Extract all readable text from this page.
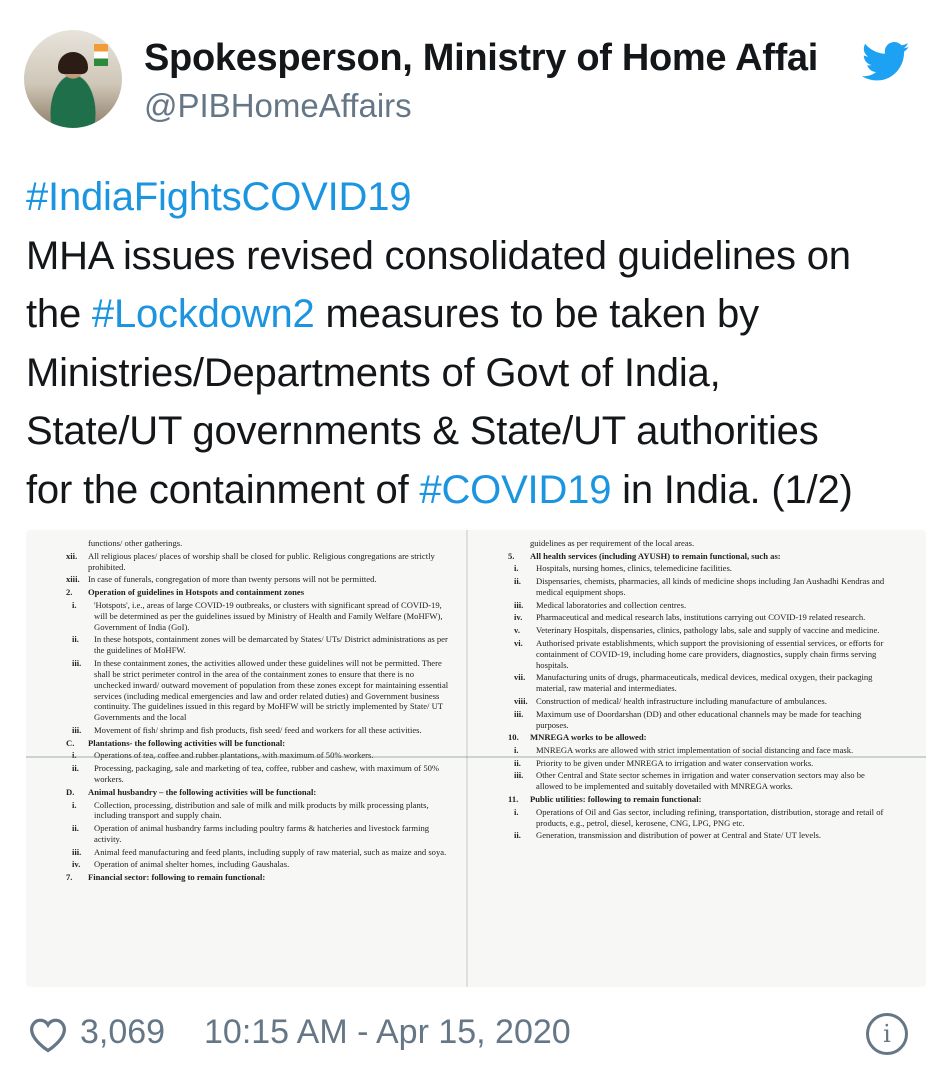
Spokesperson, Ministry of Home Affai
@PIBHomeAffairs
#IndiaFightsCOVID19
MHA issues revised consolidated guidelines on
the #Lockdown2 measures to be taken by
Ministries/Departments of Govt of India,
State/UT governments & State/UT authorities
for the containment of #COVID19 in India. (1/2)
functions/ other gatherings.
xii.	All religious places/ places of worship shall be closed for public. Religious congregations are strictly prohibited.
xiii. In case of funerals, congregation of more than twenty persons will not be permitted.
2.	Operation of guidelines in Hotspots and containment zones
i.	'Hotspots', i.e., areas of large COVID-19 outbreaks, or clusters with significant spread of COVID-19, will be determined as per the guidelines issued by Ministry of Health and Family Welfare (MoHFW), Government of India (GoI).
ii.	In these hotspots, containment zones will be demarcated by States/ UTs/ District administrations as per the guidelines of MoHFW.
iii.	In these containment zones, the activities allowed under these guidelines will not be permitted. There shall be strict perimeter control in the area of the containment zones to ensure that there is no unchecked inward/ outward movement of population from these zones except for maintaining essential services (including medical emergencies and law and order related duties) and Government business continuity. The guidelines issued in this regard by MoHFW will be strictly implemented by State/ UT Governments and the local
iii.	Movement of fish/ shrimp and fish products, fish seed/ feed and workers for all these activities.
C.	Plantations- the following activities will be functional:
i.	Operations of tea, coffee and rubber plantations, with maximum of 50% workers.
ii.	Processing, packaging, sale and marketing of tea, coffee, rubber and cashew, with maximum of 50% workers.
D.	Animal husbandry – the following activities will be functional:
i.	Collection, processing, distribution and sale of milk and milk products by milk processing plants, including transport and supply chain.
ii.	Operation of animal husbandry farms including poultry farms & hatcheries and livestock farming activity.
iii.	Animal feed manufacturing and feed plants, including supply of raw material, such as maize and soya.
iv.	Operation of animal shelter homes, including Gaushalas.
7.	Financial sector: following to remain functional:
guidelines as per requirement of the local areas.
5.	All health services (including AYUSH) to remain functional, such as:
i.	Hospitals, nursing homes, clinics, telemedicine facilities.
ii.	Dispensaries, chemists, pharmacies, all kinds of medicine shops including Jan Aushadhi Kendras and medical equipment shops.
iii.	Medical laboratories and collection centres.
iv.	Pharmaceutical and medical research labs, institutions carrying out COVID-19 related research.
v.	Veterinary Hospitals, dispensaries, clinics, pathology labs, sale and supply of vaccine and medicine.
vi.	Authorised private establishments, which support the provisioning of essential services, or efforts for containment of COVID-19, including home care providers, diagnostics, supply chain firms serving hospitals.
vii.	Manufacturing units of drugs, pharmaceuticals, medical devices, medical oxygen, their packaging material, raw material and intermediates.
viii. Construction of medical/ health infrastructure including manufacture of ambulances.
iii.	Maximum use of Doordarshan (DD) and other educational channels may be made for teaching purposes.
10.	MNREGA works to be allowed:
i.	MNREGA works are allowed with strict implementation of social distancing and face mask.
ii.	Priority to be given under MNREGA to irrigation and water conservation works.
iii.	Other Central and State sector schemes in irrigation and water conservation sectors may also be allowed to be implemented and suitably dovetailed with MNREGA works.
11.	Public utilities: following to remain functional:
i.	Operations of Oil and Gas sector, including refining, transportation, distribution, storage and retail of products, e.g., petrol, diesel, kerosene, CNG, LPG, PNG etc.
ii.	Generation, transmission and distribution of power at Central and State/ UT levels.
3,069 10:15 AM - Apr 15, 2020	i
